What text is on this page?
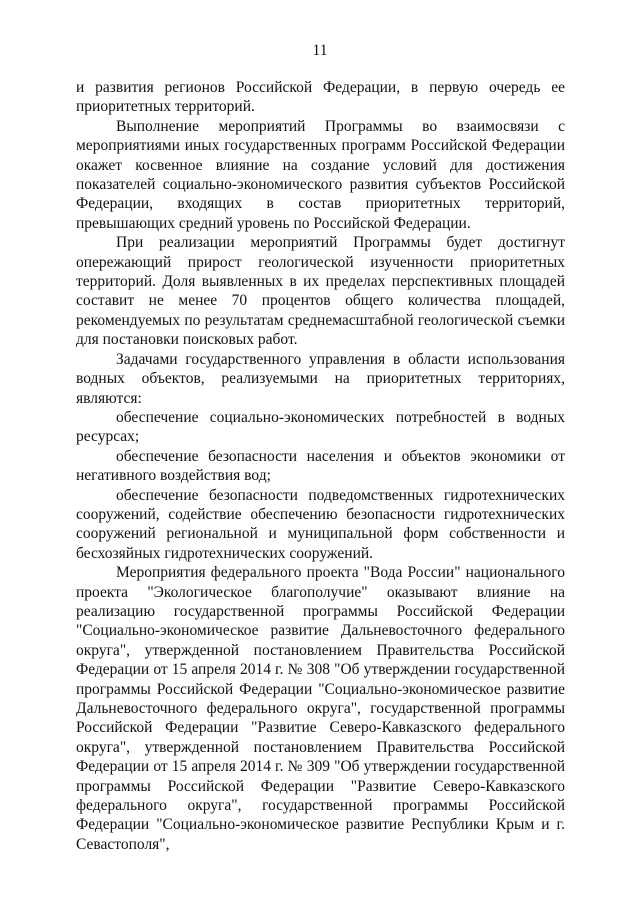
11

и развития регионов Российской Федерации, в первую очередь ее приоритетных территорий.

Выполнение мероприятий Программы во взаимосвязи с мероприятиями иных государственных программ Российской Федерации окажет косвенное влияние на создание условий для достижения показателей социально-экономического развития субъектов Российской Федерации, входящих в состав приоритетных территорий, превышающих средний уровень по Российской Федерации.

При реализации мероприятий Программы будет достигнут опережающий прирост геологической изученности приоритетных территорий. Доля выявленных в их пределах перспективных площадей составит не менее 70 процентов общего количества площадей, рекомендуемых по результатам среднемасштабной геологической съемки для постановки поисковых работ.

Задачами государственного управления в области использования водных объектов, реализуемыми на приоритетных территориях, являются:

обеспечение социально-экономических потребностей в водных ресурсах;

обеспечение безопасности населения и объектов экономики от негативного воздействия вод;

обеспечение безопасности подведомственных гидротехнических сооружений, содействие обеспечению безопасности гидротехнических сооружений региональной и муниципальной форм собственности и бесхозяйных гидротехнических сооружений.

Мероприятия федерального проекта "Вода России" национального проекта "Экологическое благополучие" оказывают влияние на реализацию государственной программы Российской Федерации "Социально-экономическое развитие Дальневосточного федерального округа", утвержденной постановлением Правительства Российской Федерации от 15 апреля 2014 г. № 308 "Об утверждении государственной программы Российской Федерации "Социально-экономическое развитие Дальневосточного федерального округа", государственной программы Российской Федерации "Развитие Северо-Кавказского федерального округа", утвержденной постановлением Правительства Российской Федерации от 15 апреля 2014 г. № 309 "Об утверждении государственной программы Российской Федерации "Развитие Северо-Кавказского федерального округа", государственной программы Российской Федерации "Социально-экономическое развитие Республики Крым и г. Севастополя",
